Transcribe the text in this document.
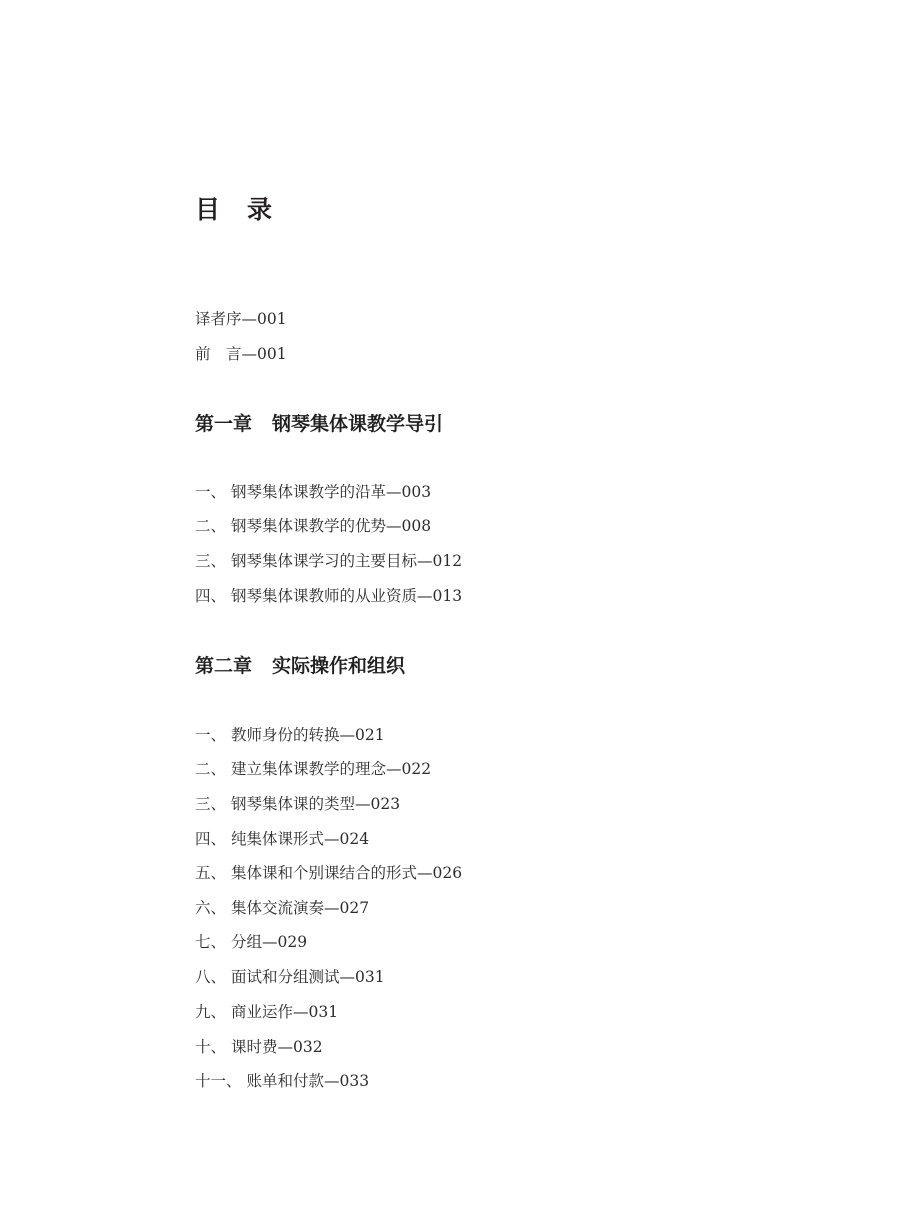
目　录
译者序—001
前　言—001
第一章 钢琴集体课教学导引
一、 钢琴集体课教学的沿革—003
二、 钢琴集体课教学的优势—008
三、 钢琴集体课学习的主要目标—012
四、 钢琴集体课教师的从业资质—013
第二章 实际操作和组织
一、 教师身份的转换—021
二、 建立集体课教学的理念—022
三、 钢琴集体课的类型—023
四、 纯集体课形式—024
五、 集体课和个别课结合的形式—026
六、 集体交流演奏—027
七、 分组—029
八、 面试和分组测试—031
九、 商业运作—031
十、 课时费—032
十一、 账单和付款—033
